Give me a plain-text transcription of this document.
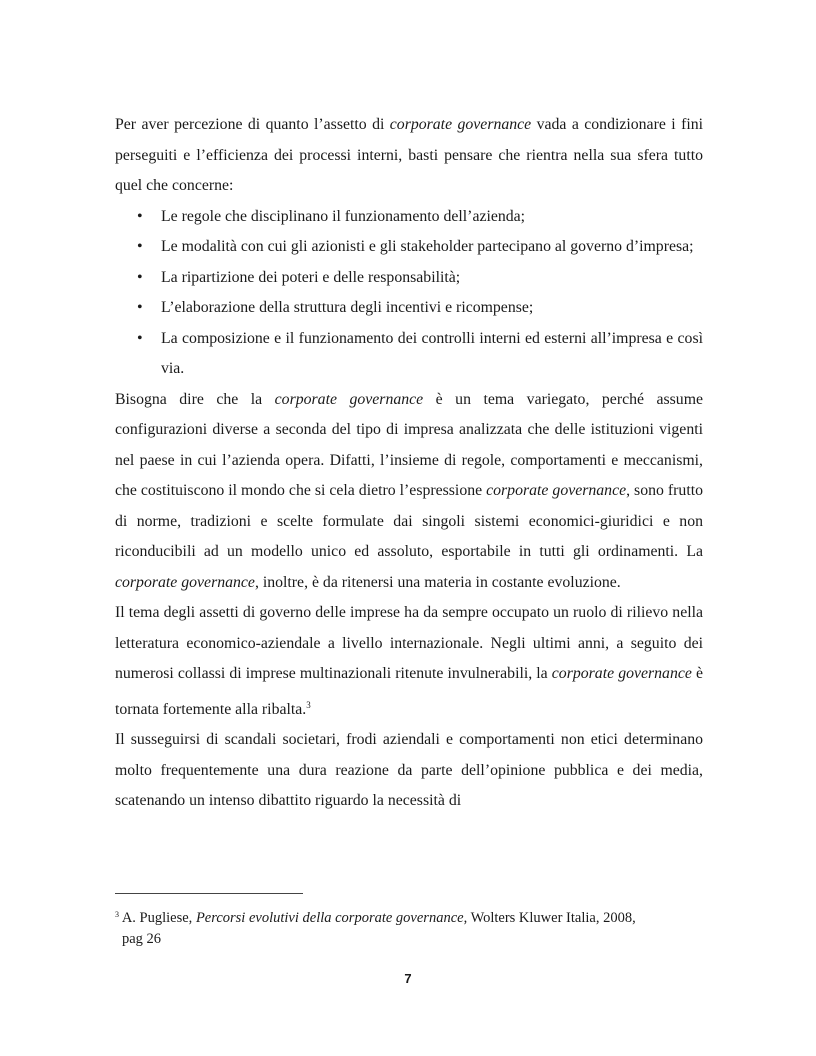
Per aver percezione di quanto l’assetto di corporate governance vada a condizionare i fini perseguiti e l’efficienza dei processi interni, basti pensare che rientra nella sua sfera tutto quel che concerne:

• Le regole che disciplinano il funzionamento dell’azienda;
• Le modalità con cui gli azionisti e gli stakeholder partecipano al governo d’impresa;
• La ripartizione dei poteri e delle responsabilità;
• L’elaborazione della struttura degli incentivi e ricompense;
• La composizione e il funzionamento dei controlli interni ed esterni all’impresa e così via.

Bisogna dire che la corporate governance è un tema variegato, perché assume configurazioni diverse a seconda del tipo di impresa analizzata che delle istituzioni vigenti nel paese in cui l’azienda opera. Difatti, l’insieme di regole, comportamenti e meccanismi, che costituiscono il mondo che si cela dietro l’espressione corporate governance, sono frutto di norme, tradizioni e scelte formulate dai singoli sistemi economici-giuridici e non riconducibili ad un modello unico ed assoluto, esportabile in tutti gli ordinamenti. La corporate governance, inoltre, è da ritenersi una materia in costante evoluzione.

Il tema degli assetti di governo delle imprese ha da sempre occupato un ruolo di rilievo nella letteratura economico-aziendale a livello internazionale. Negli ultimi anni, a seguito dei numerosi collassi di imprese multinazionali ritenute invulnerabili, la corporate governance è tornata fortemente alla ribalta.$^3$

Il susseguirsi di scandali societari, frodi aziendali e comportamenti non etici determinano molto frequentemente una dura reazione da parte dell’opinione pubblica e dei media, scatenando un intenso dibattito riguardo la necessità di

$^3$ A. Pugliese, Percorsi evolutivi della corporate governance, Wolters Kluwer Italia, 2008,
pag 26
7
